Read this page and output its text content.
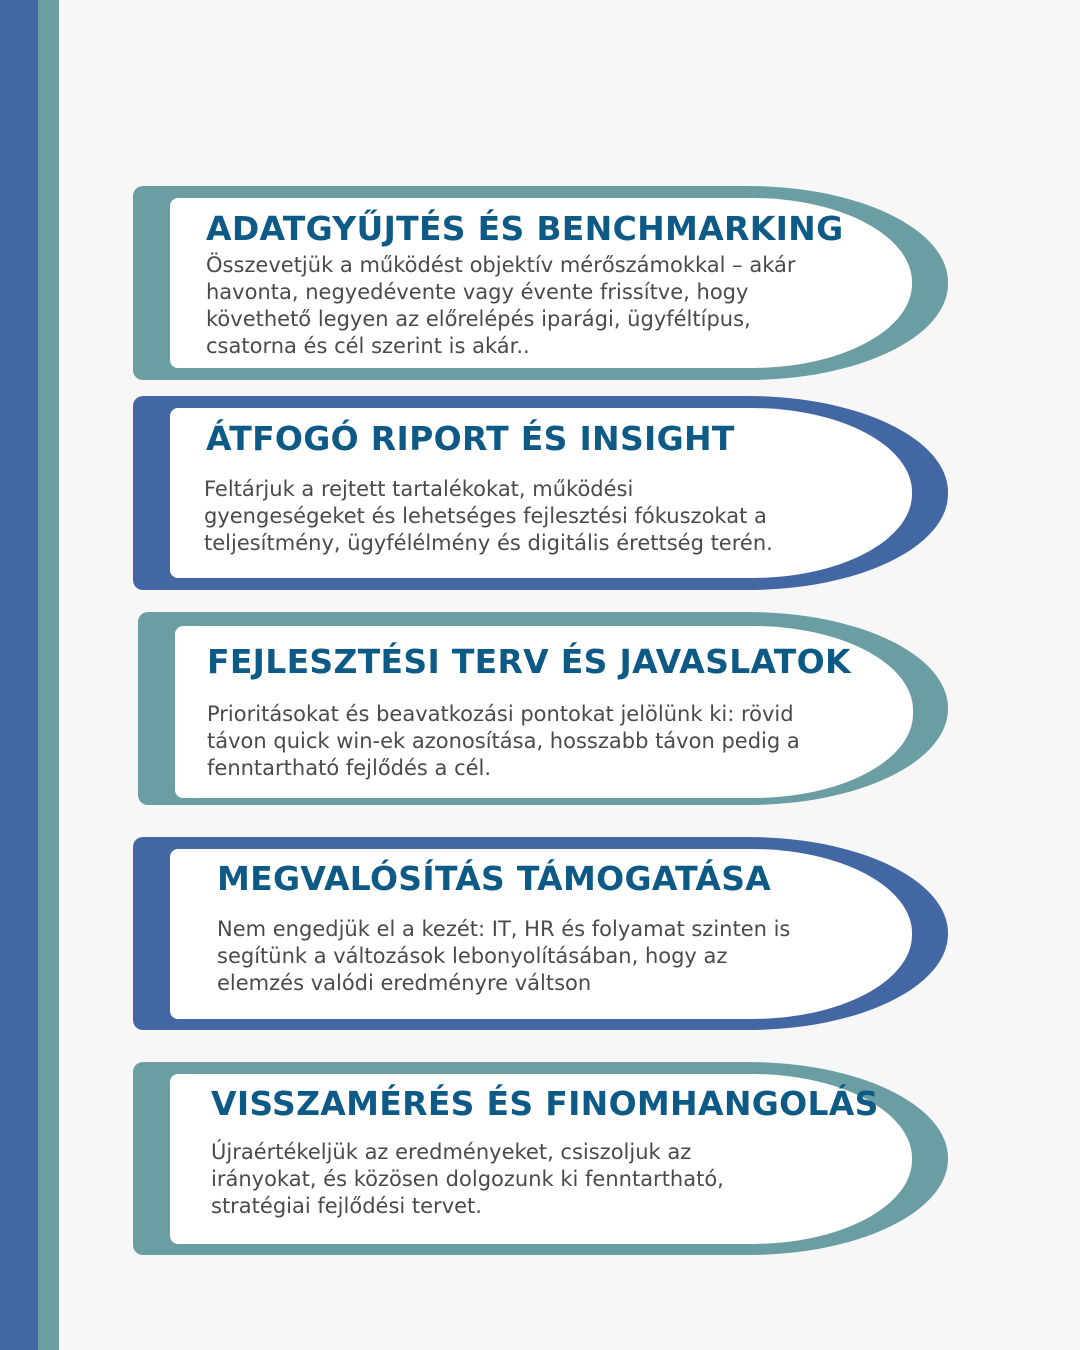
ADATGYŰJTÉS ÉS BENCHMARKING

Összevetjük a működést objektív mérőszámokkal – akár
havonta, negyedévente vagy évente frissítve, hogy
követhető legyen az előrelépés iparági, ügyféltípus,
csatorna és cél szerint is akár..

ÁTFOGÓ RIPORT ÉS INSIGHT

Feltárjuk a rejtett tartalékokat, működési
gyengeségeket és lehetséges fejlesztési fókuszokat a
teljesítmény, ügyfélélmény és digitális érettség terén.

FEJLESZTÉSI TERV ÉS JAVASLATOK

Prioritásokat és beavatkozási pontokat jelölünk ki: rövid
távon quick win-ek azonosítása, hosszabb távon pedig a
fenntartható fejlődés a cél.

MEGVALÓSÍTÁS TÁMOGATÁSA

Nem engedjük el a kezét: IT, HR és folyamat szinten is
segítünk a változások lebonyolításában, hogy az
elemzés valódi eredményre váltson

VISSZAMÉRÉS ÉS FINOMHANGOLÁS

Újraértékeljük az eredményeket, csiszoljuk az
irányokat, és közösen dolgozunk ki fenntartható,
stratégiai fejlődési tervet.
